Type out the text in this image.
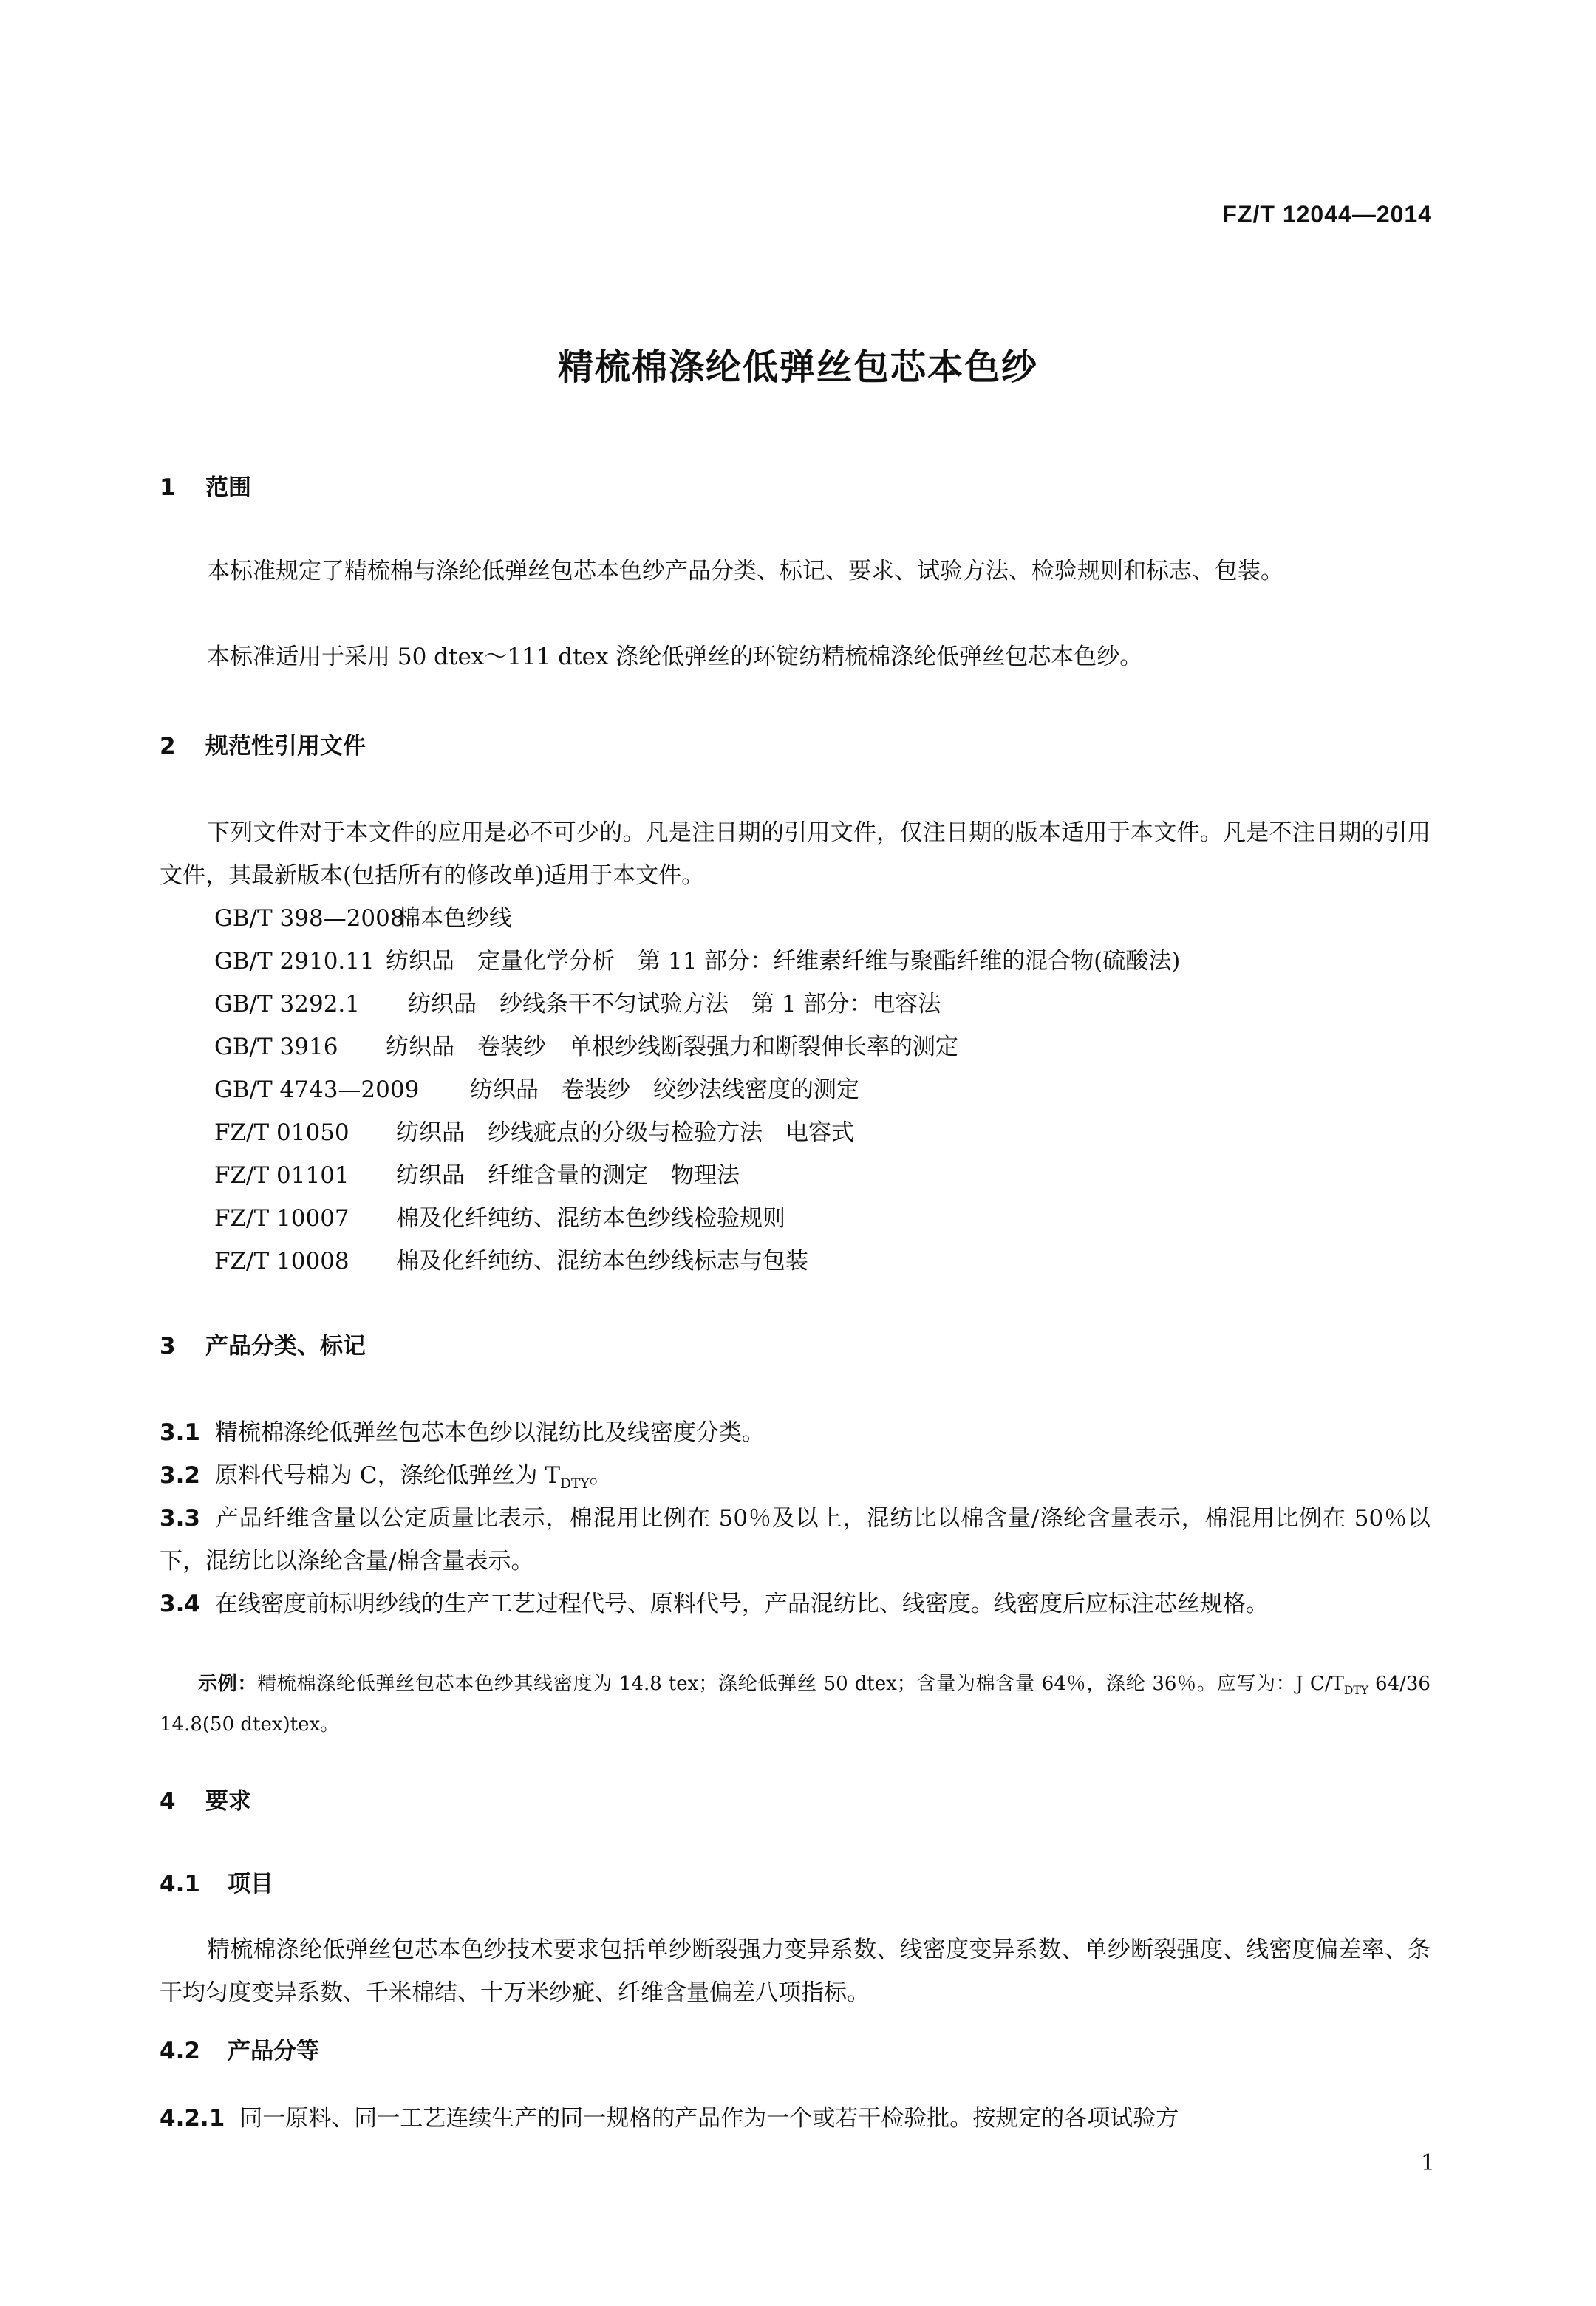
FZ/T 12044—2014
精梳棉涤纶低弹丝包芯本色纱
1 范围
本标准规定了精梳棉与涤纶低弹丝包芯本色纱产品分类、标记、要求、试验方法、检验规则和标志、包装。
本标准适用于采用 50 dtex～111 dtex 涤纶低弹丝的环锭纺精梳棉涤纶低弹丝包芯本色纱。
2 规范性引用文件
下列文件对于本文件的应用是必不可少的。凡是注日期的引用文件，仅注日期的版本适用于本文件。凡是不注日期的引用文件，其最新版本(包括所有的修改单)适用于本文件。
GB/T 398—2008棉本色纱线
GB/T 2910.11 纺织品　定量化学分析　第 11 部分：纤维素纤维与聚酯纤维的混合物(硫酸法)
GB/T 3292.1 纺织品　纱线条干不匀试验方法　第 1 部分：电容法
GB/T 3916 纺织品　卷装纱　单根纱线断裂强力和断裂伸长率的测定
GB/T 4743—2009 纺织品　卷装纱　绞纱法线密度的测定
FZ/T 01050 纺织品　纱线疵点的分级与检验方法　电容式
FZ/T 01101 纺织品　纤维含量的测定　物理法
FZ/T 10007 棉及化纤纯纺、混纺本色纱线检验规则
FZ/T 10008 棉及化纤纯纺、混纺本色纱线标志与包装
3 产品分类、标记
3.1 精梳棉涤纶低弹丝包芯本色纱以混纺比及线密度分类。
3.2 原料代号棉为 C，涤纶低弹丝为 $T_{DTY}$。
3.3 产品纤维含量以公定质量比表示，棉混用比例在 50％及以上，混纺比以棉含量/涤纶含量表示，棉混用比例在 50％以下，混纺比以涤纶含量/棉含量表示。
3.4 在线密度前标明纱线的生产工艺过程代号、原料代号，产品混纺比、线密度。线密度后应标注芯丝规格。
示例：精梳棉涤纶低弹丝包芯本色纱其线密度为 14.8 tex；涤纶低弹丝 50 dtex；含量为棉含量 64％，涤纶 36％。应写为：J $C/T_{DTY}$ 64/36 14.8(50 dtex)tex。
4 要求
4.1 项目
精梳棉涤纶低弹丝包芯本色纱技术要求包括单纱断裂强力变异系数、线密度变异系数、单纱断裂强度、线密度偏差率、条干均匀度变异系数、千米棉结、十万米纱疵、纤维含量偏差八项指标。
4.2 产品分等
4.2.1 同一原料、同一工艺连续生产的同一规格的产品作为一个或若干检验批。按规定的各项试验方
1
